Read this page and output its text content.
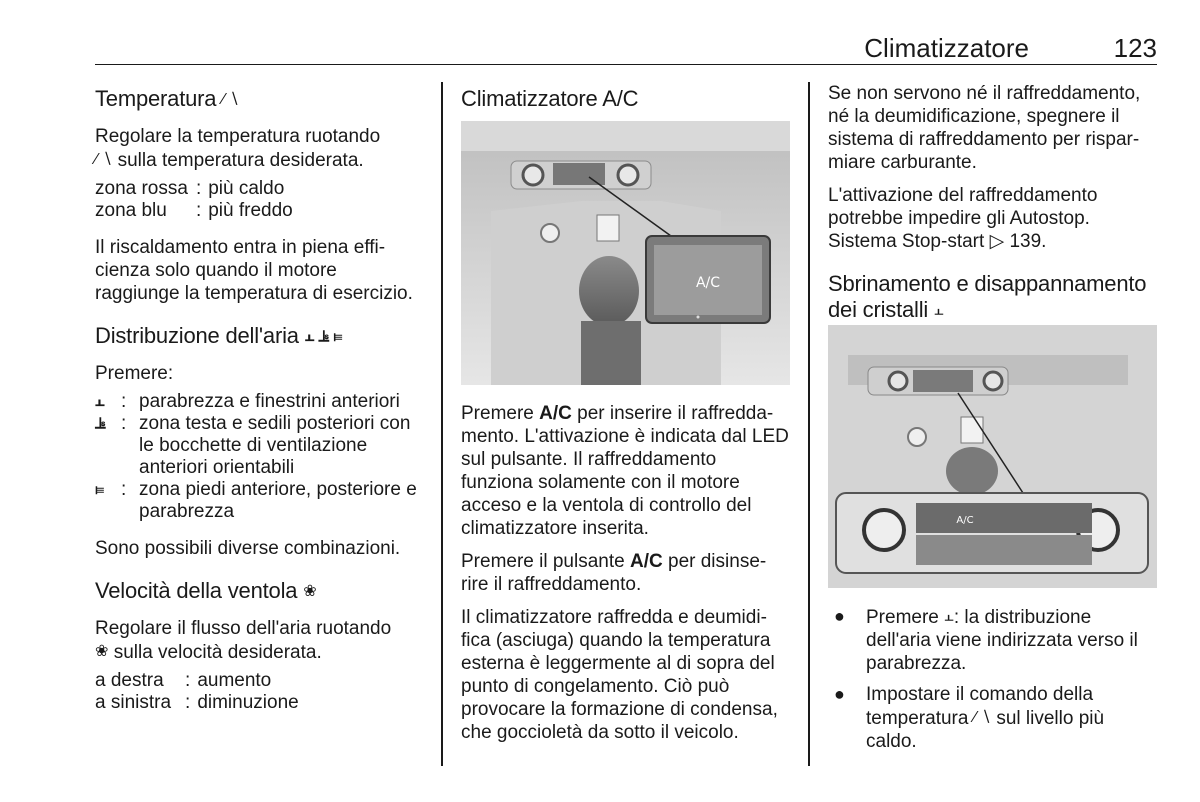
Climatizzatore	123
Temperatura ⁄ ∖

Regolare la temperatura ruotando
⁄ ∖ sulla temperatura desiderata.

zona rossa	:	più caldo
zona blu	:	più freddo

Il riscaldamento entra in piena effi-cienza solo quando il motore raggiunge la temperatura di esercizio.

Distribuzione dell'aria ⫠ ⫡ ⫢

Premere:

⫠	:	parabrezza e finestrini anteriori
⫡	:	zona testa e sedili posteriori con le bocchette di ventilazione anteriori orientabili
⫢	:	zona piedi anteriore, posteriore e parabrezza

Sono possibili diverse combinazioni.

Velocità della ventola ❀

Regolare il flusso dell'aria ruotando
❀ sulla velocità desiderata.

a destra	:	aumento
a sinistra	:	diminuzione
Climatizzatore A/C
A/C

Premere A/C per inserire il raffredda-mento. L'attivazione è indicata dal LED sul pulsante. Il raffreddamento funziona solamente con il motore acceso e la ventola di controllo del climatizzatore inserita.

Premere il pulsante A/C per disinse-rire il raffreddamento.

Il climatizzatore raffredda e deumidi-fica (asciuga) quando la temperatura esterna è leggermente al di sopra del punto di congelamento. Ciò può provocare la formazione di condensa, che goccioletà da sotto il veicolo.

Se non servono né il raffreddamento, né la deumidificazione, spegnere il sistema di raffreddamento per rispar-miare carburante.

L'attivazione del raffreddamento potrebbe impedire gli Autostop. Sistema Stop-start ▷ 139.

Sbrinamento e disappannamento dei cristalli ⫠
A/C
● Premere ⫠: la distribuzione dell'aria viene indirizzata verso il parabrezza.
● Impostare il comando della temperatura ⁄ ∖ sul livello più caldo.
